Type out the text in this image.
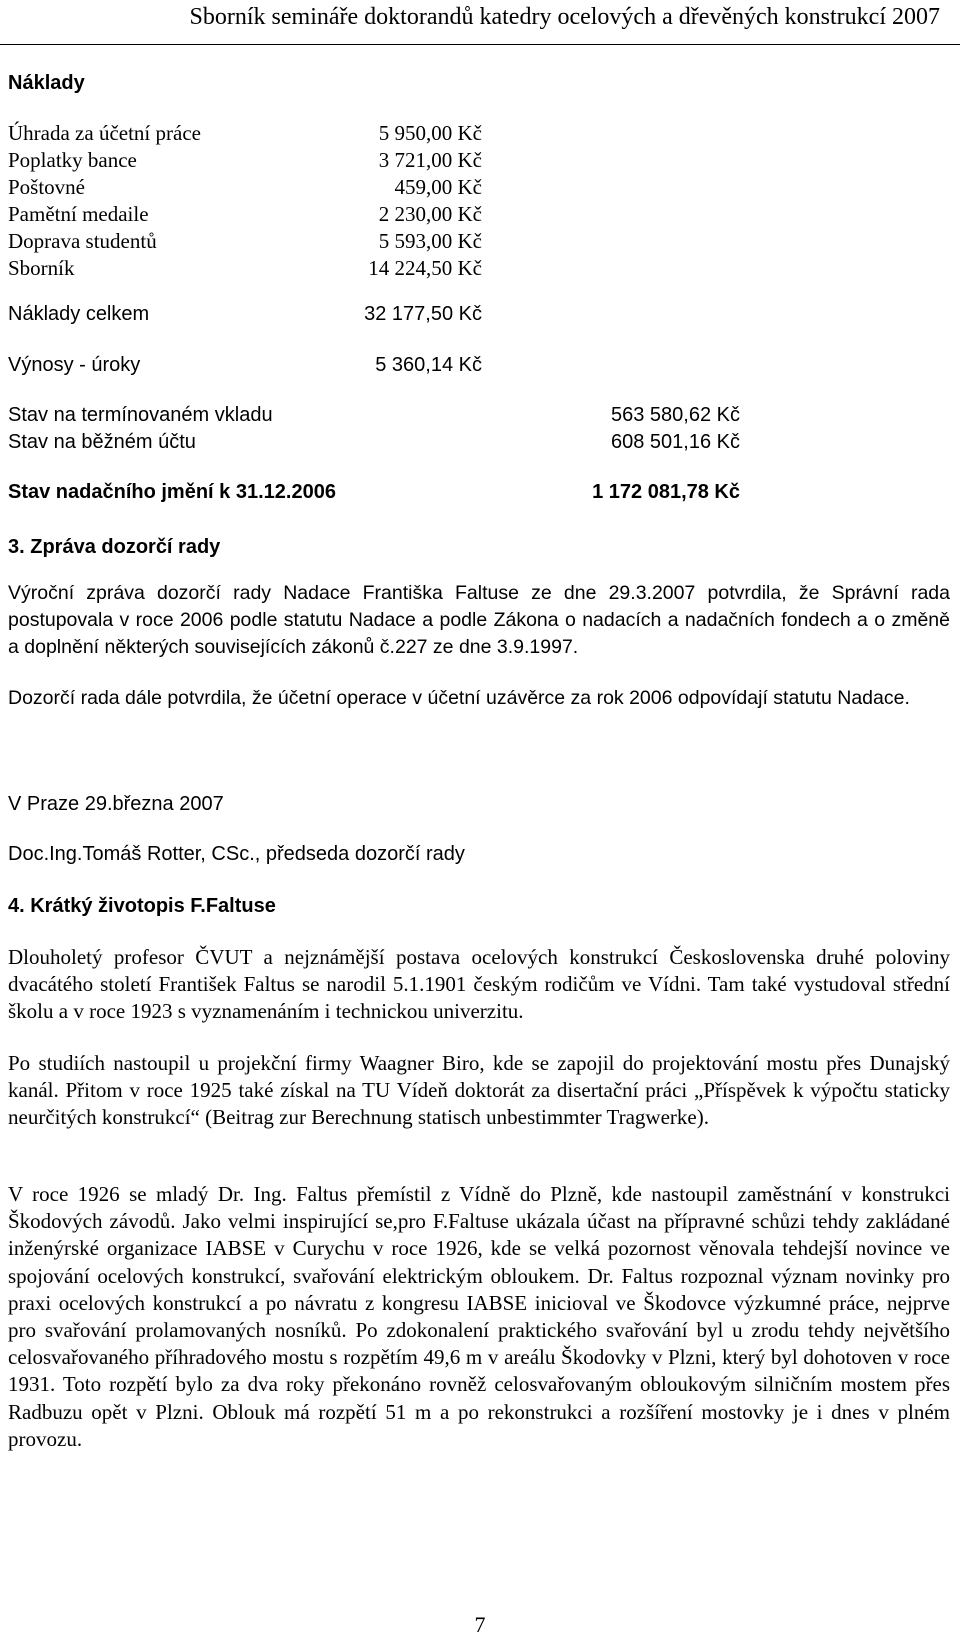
Sborník semináře doktorandů katedry ocelových a dřevěných konstrukcí 2007
Náklady
Úhrada za účetní práce	5 950,00 Kč
Poplatky bance	3 721,00 Kč
Poštovné	459,00 Kč
Pamětní medaile	2 230,00 Kč
Doprava studentů	5 593,00 Kč
Sborník	14 224,50 Kč
Náklady celkem	32 177,50 Kč
Výnosy - úroky	5 360,14 Kč
Stav na termínovaném vkladu	563 580,62 Kč
Stav na běžném účtu	608 501,16 Kč
Stav nadačního jmění k 31.12.2006	1 172 081,78 Kč
3. Zpráva dozorčí rady
Výroční zpráva dozorčí rady Nadace Františka Faltuse ze dne 29.3.2007 potvrdila, že Správní rada postupovala v roce 2006 podle statutu Nadace a podle Zákona o nadacích a nadačních fondech a o změně a doplnění některých souvisejících zákonů č.227 ze dne 3.9.1997.
Dozorčí rada dále potvrdila, že účetní operace v účetní uzávěrce za rok 2006 odpovídají statutu Nadace.
V Praze 29.března 2007
Doc.Ing.Tomáš Rotter, CSc., předseda dozorčí rady
4. Krátký životopis F.Faltuse
Dlouholetý profesor ČVUT a nejznámější postava ocelových konstrukcí Československa druhé poloviny dvacátého století František Faltus se narodil 5.1.1901 českým rodičům ve Vídni. Tam také vystudoval střední školu a v roce 1923 s vyznamenáním i technickou univerzitu.
Po studiích nastoupil u projekční firmy Waagner Biro, kde se zapojil do projektování mostu přes Dunajský kanál. Přitom v roce 1925 také získal na TU Vídeň doktorát za disertační práci „Příspěvek k výpočtu staticky neurčitých konstrukcí“ (Beitrag zur Berechnung statisch unbestimmter Tragwerke).
V roce 1926 se mladý Dr. Ing. Faltus přemístil z Vídně do Plzně, kde nastoupil zaměstnání v konstrukci Škodových závodů. Jako velmi inspirující se,pro F.Faltuse ukázala účast na přípravné schůzi tehdy zakládané inženýrské organizace IABSE v Curychu v roce 1926, kde se velká pozornost věnovala tehdejší novince ve spojování ocelových konstrukcí, svařování elektrickým obloukem. Dr. Faltus rozpoznal význam novinky pro praxi ocelových konstrukcí a po návratu z kongresu IABSE inicioval ve Škodovce výzkumné práce, nejprve pro svařování prolamovaných nosníků. Po zdokonalení praktického svařování byl u zrodu tehdy největšího celosvařovaného příhradového mostu s rozpětím 49,6 m v areálu Škodovky v Plzni, který byl dohotoven v roce 1931. Toto rozpětí bylo za dva roky překonáno rovněž celosvařovaným obloukovým silničním mostem přes Radbuzu opět v Plzni. Oblouk má rozpětí 51 m a po rekonstrukci a rozšíření mostovky je i dnes v plném provozu.
7
